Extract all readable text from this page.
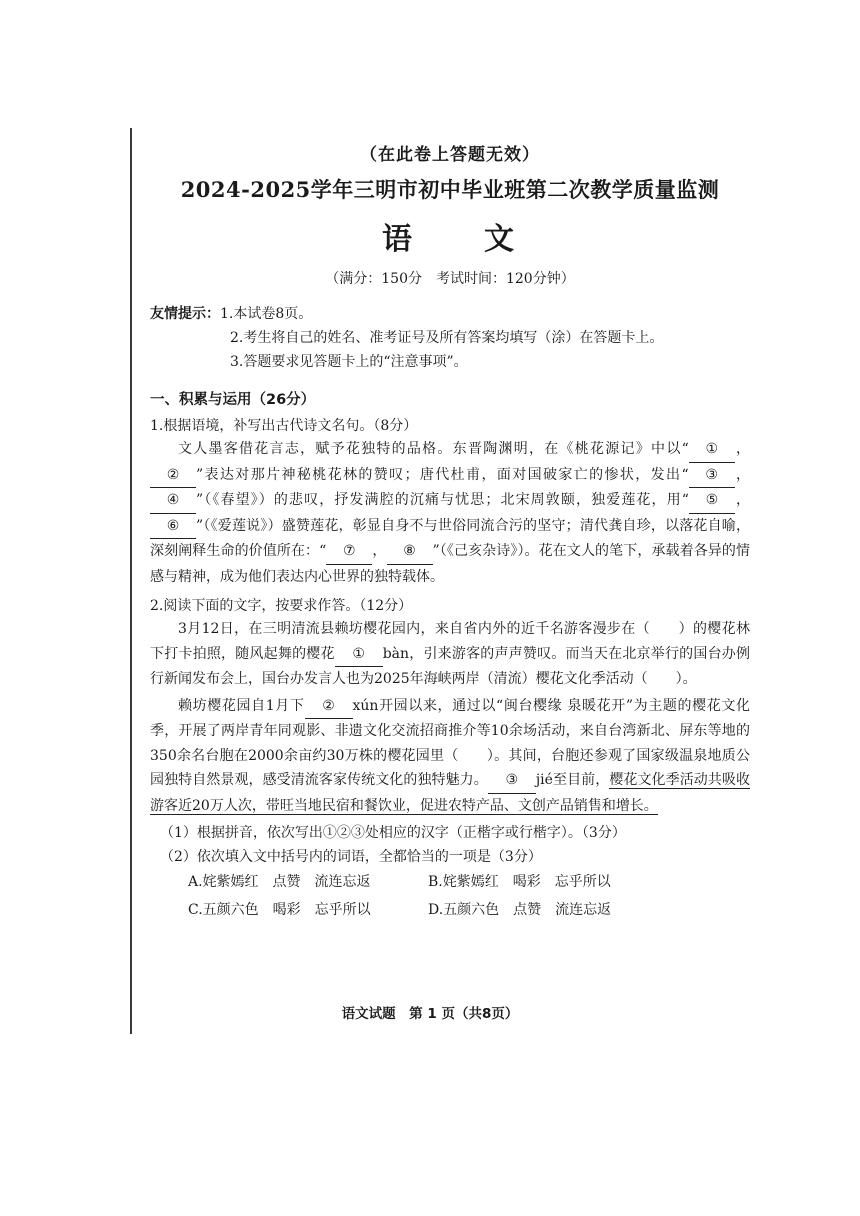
（在此卷上答题无效）
2024-2025学年三明市初中毕业班第二次教学质量监测
语　　文
（满分：150分　考试时间：120分钟）
友情提示：1.本试卷8页。
2.考生将自己的姓名、准考证号及所有答案均填写（涂）在答题卡上。
3.答题要求见答题卡上的“注意事项”。
一、积累与运用（26分）
1.根据语境，补写出古代诗文名句。（8分）
文人墨客借花言志，赋予花独特的品格。东晋陶渊明，在《桃花源记》中以“ ① ，② ”表达对那片神秘桃花林的赞叹；唐代杜甫，面对国破家亡的惨状，发出“ ③ ，④ ”（《春望》）的悲叹，抒发满腔的沉痛与忧思；北宋周敦颐，独爱莲花，用“ ⑤ ，⑥ ”（《爱莲说》）盛赞莲花，彰显自身不与世俗同流合污的坚守；清代龚自珍，以落花自喻，深刻阐释生命的价值所在：“ ⑦ ， ⑧ ”（《己亥杂诗》）。花在文人的笔下，承载着各异的情感与精神，成为他们表达内心世界的独特载体。
2.阅读下面的文字，按要求作答。（12分）
3月12日，在三明清流县赖坊樱花园内，来自省内外的近千名游客漫步在（　　）的樱花林下打卡拍照，随风起舞的樱花 ① bàn，引来游客的声声赞叹。而当天在北京举行的国台办例行新闻发布会上，国台办发言人也为2025年海峡两岸（清流）樱花文化季活动（　　）。
赖坊樱花园自1月下 ② xún开园以来，通过以“闽台樱缘 泉暖花开”为主题的樱花文化季，开展了两岸青年同观影、非遗文化交流招商推介等10余场活动，来自台湾新北、屏东等地的350余名台胞在2000余亩约30万株的樱花园里（　　）。其间，台胞还参观了国家级温泉地质公园独特自然景观，感受清流客家传统文化的独特魅力。 ③ jié至目前，樱花文化季活动共吸收游客近20万人次，带旺当地民宿和餐饮业，促进农特产品、文创产品销售和增长。
（1）根据拼音，依次写出①②③处相应的汉字（正楷字或行楷字）。（3分）
（2）依次填入文中括号内的词语，全都恰当的一项是（3分）
A.姹紫嫣红　点赞　流连忘返	B.姹紫嫣红　喝彩　忘乎所以
C.五颜六色　喝彩　忘乎所以	D.五颜六色　点赞　流连忘返
语文试题　第 1 页（共8页）
